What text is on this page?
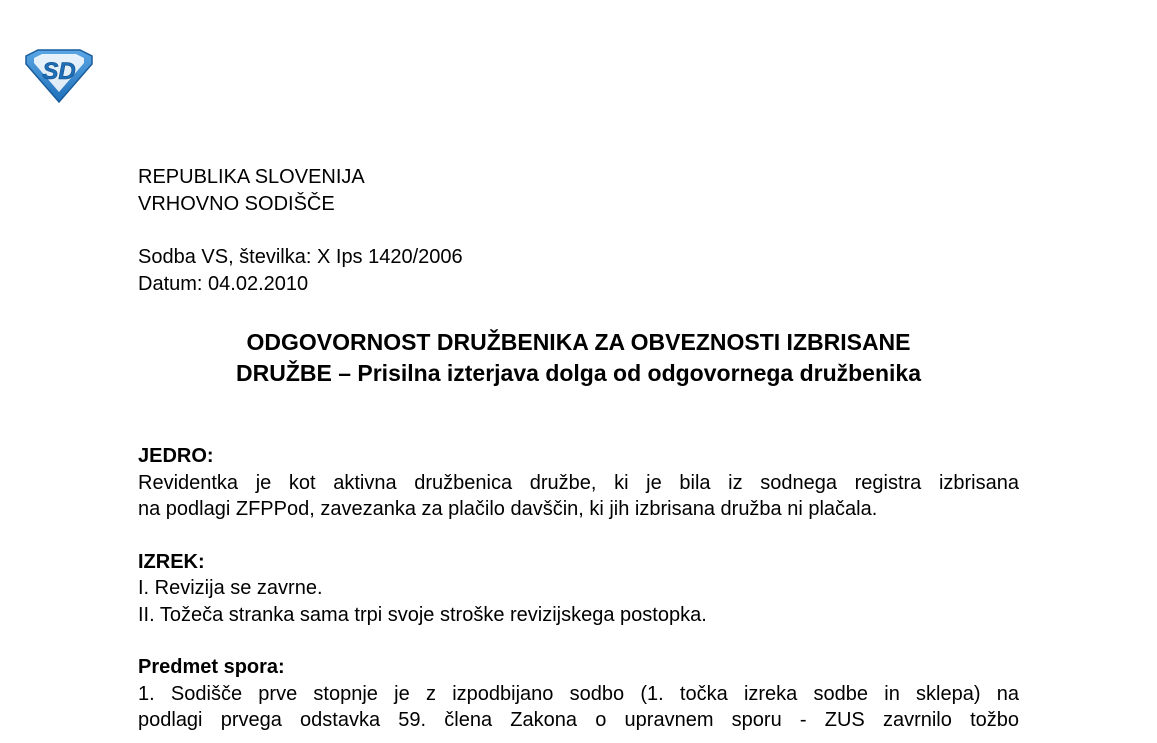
SD
REPUBLIKA SLOVENIJA
VRHOVNO SODIŠČE
Sodba VS, številka: X Ips 1420/2006
Datum: 04.02.2010
ODGOVORNOST DRUŽBENIKA ZA OBVEZNOSTI IZBRISANE
DRUŽBE – Prisilna izterjava dolga od odgovornega družbenika
JEDRO:
Revidentka je kot aktivna družbenica družbe, ki je bila iz sodnega registra izbrisana
na podlagi ZFPPod, zavezanka za plačilo davščin, ki jih izbrisana družba ni plačala.
IZREK:
I. Revizija se zavrne.
II. Tožeča stranka sama trpi svoje stroške revizijskega postopka.
Predmet spora:
1. Sodišče prve stopnje je z izpodbijano sodbo (1. točka izreka sodbe in sklepa) na
podlagi prvega odstavka 59. člena Zakona o upravnem sporu - ZUS zavrnilo tožbo
